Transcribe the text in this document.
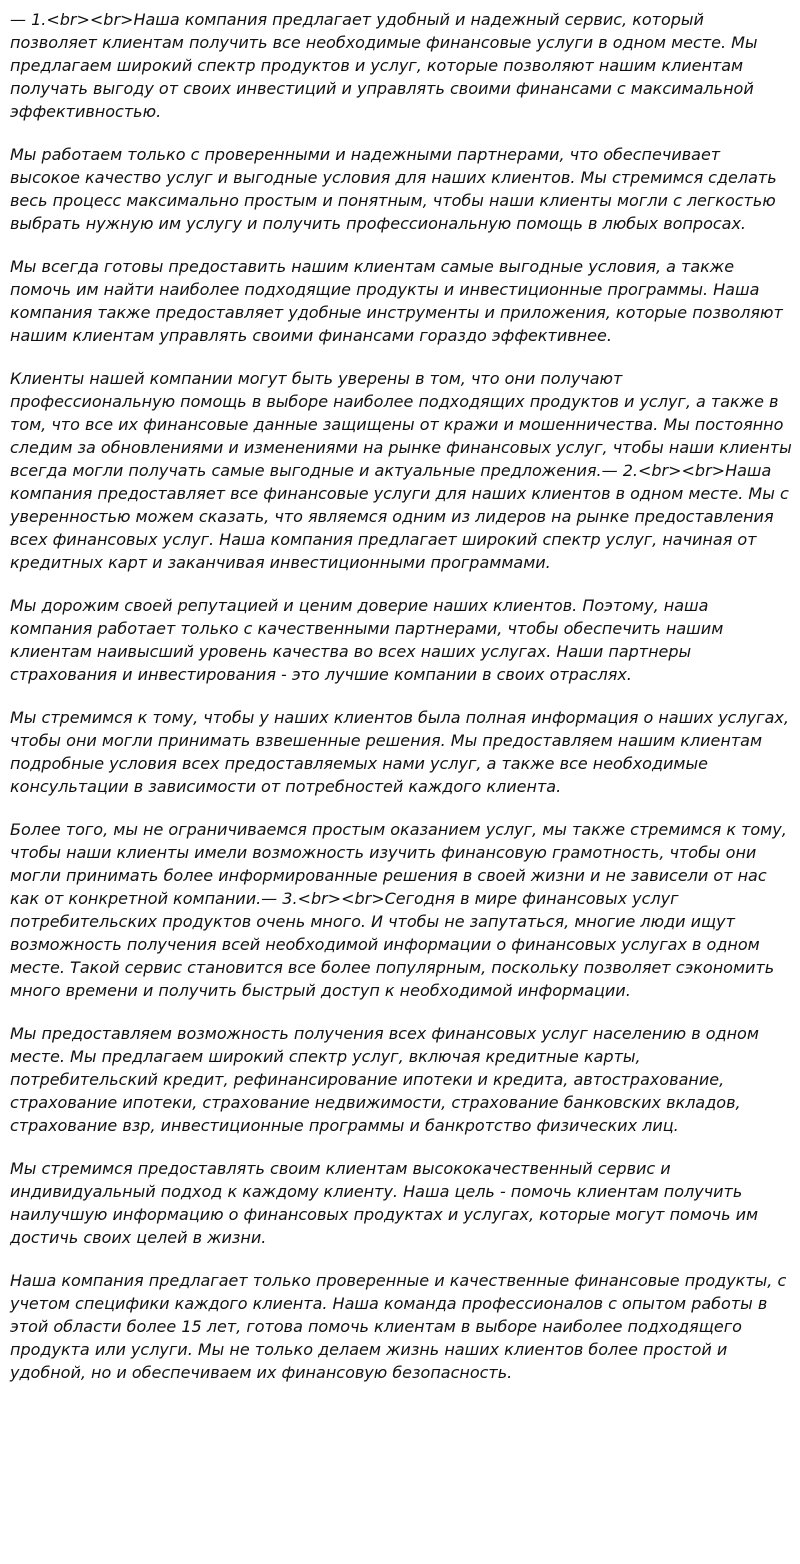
— 1.<br><br>Наша компания предлагает удобный и надежный сервис, который позволяет клиентам получить все необходимые финансовые услуги в одном месте. Мы предлагаем широкий спектр продуктов и услуг, которые позволяют нашим клиентам получать выгоду от своих инвестиций и управлять своими финансами с максимальной эффективностью.

Мы работаем только с проверенными и надежными партнерами, что обеспечивает высокое качество услуг и выгодные условия для наших клиентов. Мы стремимся сделать весь процесс максимально простым и понятным, чтобы наши клиенты могли с легкостью выбрать нужную им услугу и получить профессиональную помощь в любых вопросах.

Мы всегда готовы предоставить нашим клиентам самые выгодные условия, а также помочь им найти наиболее подходящие продукты и инвестиционные программы. Наша компания также предоставляет удобные инструменты и приложения, которые позволяют нашим клиентам управлять своими финансами гораздо эффективнее.

Клиенты нашей компании могут быть уверены в том, что они получают профессиональную помощь в выборе наиболее подходящих продуктов и услуг, а также в том, что все их финансовые данные защищены от кражи и мошенничества. Мы постоянно следим за обновлениями и изменениями на рынке финансовых услуг, чтобы наши клиенты всегда могли получать самые выгодные и актуальные предложения.— 2.<br><br>Наша компания предоставляет все финансовые услуги для наших клиентов в одном месте. Мы с уверенностью можем сказать, что являемся одним из лидеров на рынке предоставления всех финансовых услуг. Наша компания предлагает широкий спектр услуг, начиная от кредитных карт и заканчивая инвестиционными программами.

Мы дорожим своей репутацией и ценим доверие наших клиентов. Поэтому, наша компания работает только с качественными партнерами, чтобы обеспечить нашим клиентам наивысший уровень качества во всех наших услугах. Наши партнеры страхования и инвестирования - это лучшие компании в своих отраслях.

Мы стремимся к тому, чтобы у наших клиентов была полная информация о наших услугах, чтобы они могли принимать взвешенные решения. Мы предоставляем нашим клиентам подробные условия всех предоставляемых нами услуг, а также все необходимые консультации в зависимости от потребностей каждого клиента.

Более того, мы не ограничиваемся простым оказанием услуг, мы также стремимся к тому, чтобы наши клиенты имели возможность изучить финансовую грамотность, чтобы они могли принимать более информированные решения в своей жизни и не зависели от нас как от конкретной компании.— 3.<br><br>Сегодня в мире финансовых услуг потребительских продуктов очень много. И чтобы не запутаться, многие люди ищут возможность получения всей необходимой информации о финансовых услугах в одном месте. Такой сервис становится все более популярным, поскольку позволяет сэкономить много времени и получить быстрый доступ к необходимой информации.

Мы предоставляем возможность получения всех финансовых услуг населению в одном месте. Мы предлагаем широкий спектр услуг, включая кредитные карты, потребительский кредит, рефинансирование ипотеки и кредита, автострахование, страхование ипотеки, страхование недвижимости, страхование банковских вкладов, страхование взр, инвестиционные программы и банкротство физических лиц.

Мы стремимся предоставлять своим клиентам высококачественный сервис и индивидуальный подход к каждому клиенту. Наша цель - помочь клиентам получить наилучшую информацию о финансовых продуктах и услугах, которые могут помочь им достичь своих целей в жизни.

Наша компания предлагает только проверенные и качественные финансовые продукты, с учетом специфики каждого клиента. Наша команда профессионалов с опытом работы в этой области более 15 лет, готова помочь клиентам в выборе наиболее подходящего продукта или услуги. Мы не только делаем жизнь наших клиентов более простой и удобной, но и обеспечиваем их финансовую безопасность.
